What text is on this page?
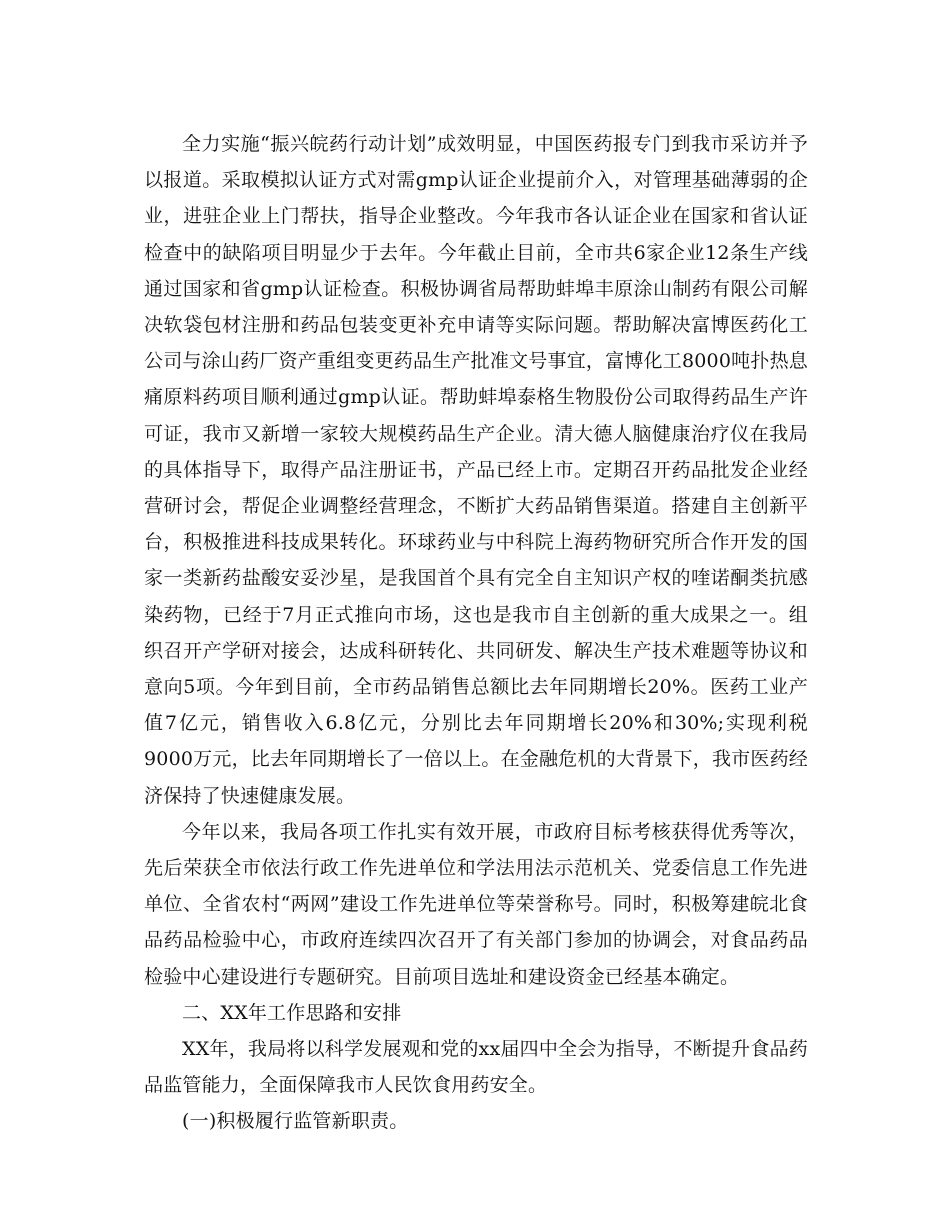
全力实施“振兴皖药行动计划”成效明显，中国医药报专门到我市采访并予以报道。采取模拟认证方式对需gmp认证企业提前介入，对管理基础薄弱的企业，进驻企业上门帮扶，指导企业整改。今年我市各认证企业在国家和省认证检查中的缺陷项目明显少于去年。今年截止目前，全市共6家企业12条生产线通过国家和省gmp认证检查。积极协调省局帮助蚌埠丰原涂山制药有限公司解决软袋包材注册和药品包装变更补充申请等实际问题。帮助解决富博医药化工公司与涂山药厂资产重组变更药品生产批准文号事宜，富博化工8000吨扑热息痛原料药项目顺利通过gmp认证。帮助蚌埠泰格生物股份公司取得药品生产许可证，我市又新增一家较大规模药品生产企业。清大德人脑健康治疗仪在我局的具体指导下，取得产品注册证书，产品已经上市。定期召开药品批发企业经营研讨会，帮促企业调整经营理念，不断扩大药品销售渠道。搭建自主创新平台，积极推进科技成果转化。环球药业与中科院上海药物研究所合作开发的国家一类新药盐酸安妥沙星，是我国首个具有完全自主知识产权的喹诺酮类抗感染药物，已经于7月正式推向市场，这也是我市自主创新的重大成果之一。组织召开产学研对接会，达成科研转化、共同研发、解决生产技术难题等协议和意向5项。今年到目前，全市药品销售总额比去年同期增长20%。医药工业产值7亿元，销售收入6.8亿元，分别比去年同期增长20%和30%;实现利税9000万元，比去年同期增长了一倍以上。在金融危机的大背景下，我市医药经济保持了快速健康发展。

今年以来，我局各项工作扎实有效开展，市政府目标考核获得优秀等次，先后荣获全市依法行政工作先进单位和学法用法示范机关、党委信息工作先进单位、全省农村“两网”建设工作先进单位等荣誉称号。同时，积极筹建皖北食品药品检验中心，市政府连续四次召开了有关部门参加的协调会，对食品药品检验中心建设进行专题研究。目前项目选址和建设资金已经基本确定。

二、XX年工作思路和安排

XX年，我局将以科学发展观和党的xx届四中全会为指导，不断提升食品药品监管能力，全面保障我市人民饮食用药安全。

(一)积极履行监管新职责。
